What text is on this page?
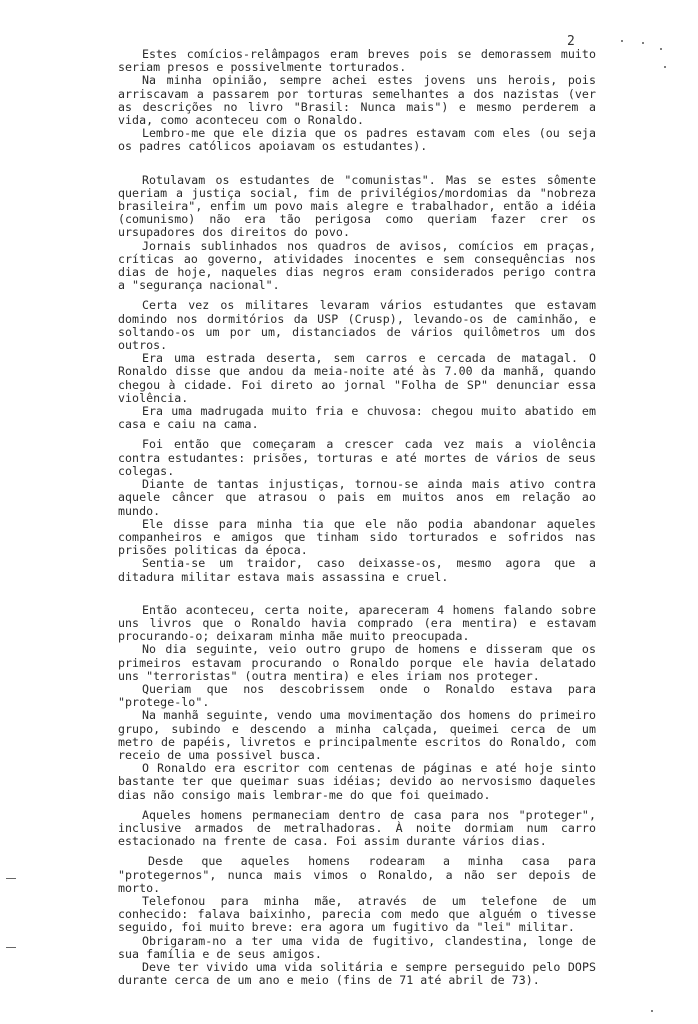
2

Estes comícios-relâmpagos eram breves pois se demorassem muito seriam presos e possivelmente torturados.

Na minha opinião, sempre achei estes jovens uns herois, pois arriscavam a passarem por torturas semelhantes a dos nazistas (ver as descrições no livro "Brasil: Nunca mais") e mesmo perderem a vida, como aconteceu com o Ronaldo.

Lembro-me que ele dizia que os padres estavam com eles (ou seja os padres católicos apoiavam os estudantes).

Rotulavam os estudantes de "comunistas". Mas se estes sômente queriam a justiça social, fim de privilégios/mordomias da "nobreza brasileira", enfim um povo mais alegre e trabalhador, então a idéia (comunismo) não era tão perigosa como queriam fazer crer os ursupadores dos direitos do povo.

Jornais sublinhados nos quadros de avisos, comícios em praças, críticas ao governo, atividades inocentes e sem consequências nos dias de hoje, naqueles dias negros eram considerados perigo contra a "segurança nacional".

Certa vez os militares levaram vários estudantes que estavam domindo nos dormitórios da USP (Crusp), levando-os de caminhão, e soltando-os um por um, distanciados de vários quilômetros um dos outros.

Era uma estrada deserta, sem carros e cercada de matagal. O Ronaldo disse que andou da meia-noite até às 7.00 da manhã, quando chegou à cidade. Foi direto ao jornal "Folha de SP" denunciar essa violência.

Era uma madrugada muito fria e chuvosa: chegou muito abatido em casa e caiu na cama.

Foi então que começaram a crescer cada vez mais a violência contra estudantes: prisões, torturas e até mortes de vários de seus colegas.

Diante de tantas injustiças, tornou-se ainda mais ativo contra aquele câncer que atrasou o pais em muitos anos em relação ao mundo.

Ele disse para minha tia que ele não podia abandonar aqueles companheiros e amigos que tinham sido torturados e sofridos nas prisões politicas da época.

Sentia-se um traidor, caso deixasse-os, mesmo agora que a ditadura militar estava mais assassina e cruel.

Então aconteceu, certa noite, apareceram 4 homens falando sobre uns livros que o Ronaldo havia comprado (era mentira) e estavam procurando-o; deixaram minha mãe muito preocupada.

No dia seguinte, veio outro grupo de homens e disseram que os primeiros estavam procurando o Ronaldo porque ele havia delatado uns "terroristas" (outra mentira) e eles iriam nos proteger.

Queriam que nos descobrissem onde o Ronaldo estava para "protege-lo".

Na manhã seguinte, vendo uma movimentação dos homens do primeiro grupo, subindo e descendo a minha calçada, queimei cerca de um metro de papéis, livretos e principalmente escritos do Ronaldo, com receio de uma possivel busca.

O Ronaldo era escritor com centenas de páginas e até hoje sinto bastante ter que queimar suas idéias; devido ao nervosismo daqueles dias não consigo mais lembrar-me do que foi queimado.

Aqueles homens permaneciam dentro de casa para nos "proteger", inclusive armados de metralhadoras. À noite dormiam num carro estacionado na frente de casa. Foi assim durante vários dias.

Desde que aqueles homens rodearam a minha casa para "protegernos", nunca mais vimos o Ronaldo, a não ser depois de morto.

Telefonou para minha mãe, através de um telefone de um conhecido: falava baixinho, parecia com medo que alguém o tivesse seguido, foi muito breve: era agora um fugitivo da "lei" militar.

Obrigaram-no a ter uma vida de fugitivo, clandestina, longe de sua família e de seus amigos.

Deve ter vivido uma vida solitária e sempre perseguido pelo DOPS durante cerca de um ano e meio (fins de 71 até abril de 73).
